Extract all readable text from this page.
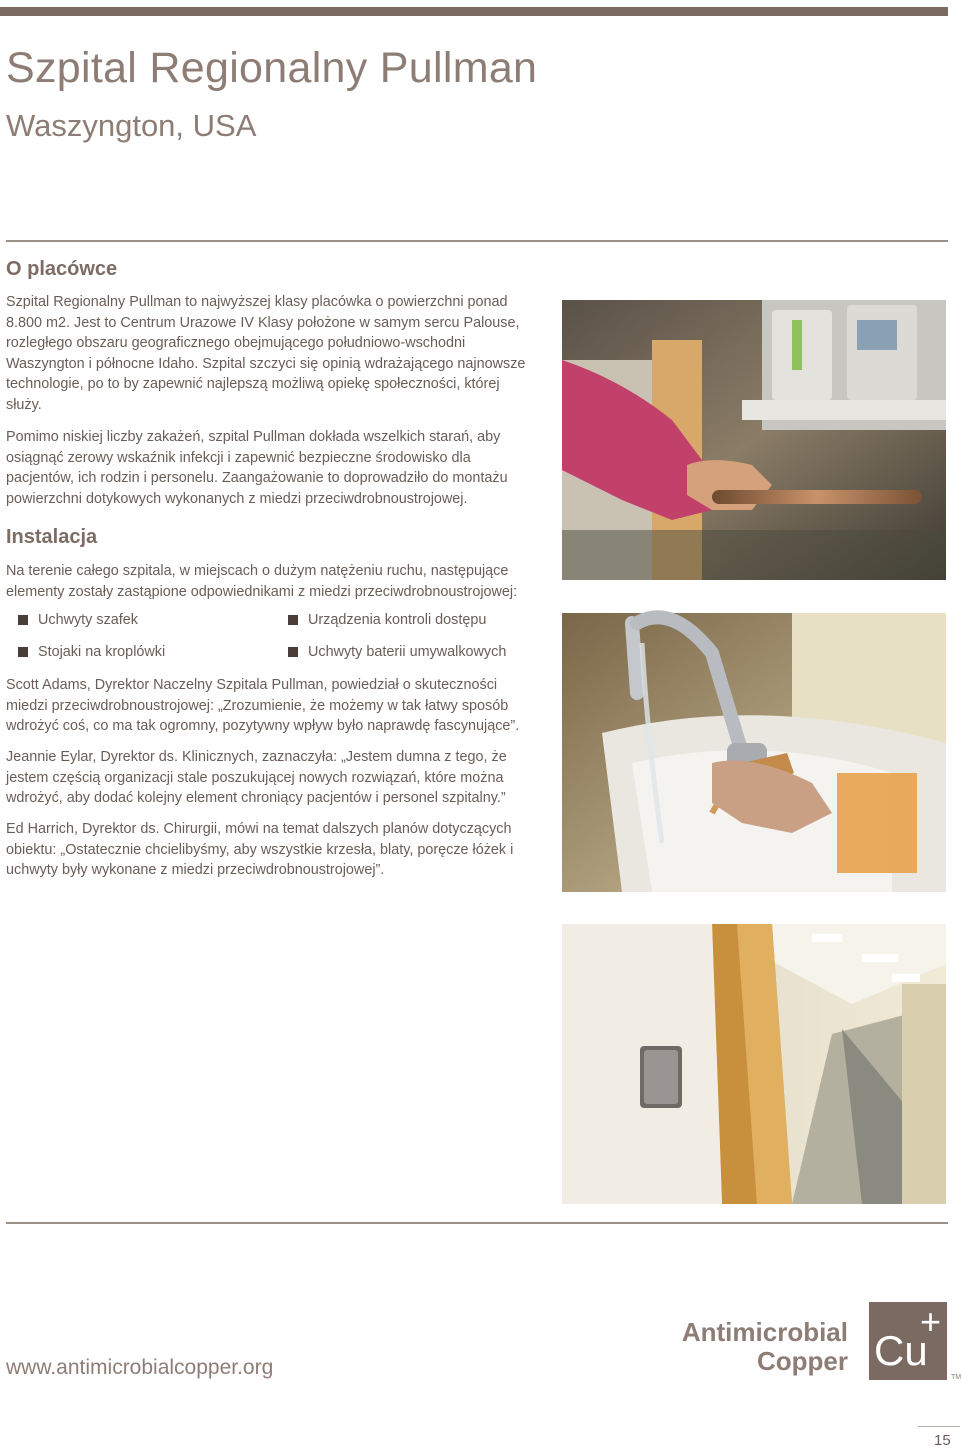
Szpital Regionalny Pullman
Waszyngton, USA
O placówce

Szpital Regionalny Pullman to najwyższej klasy placówka o powierzchni ponad 8.800 m2. Jest to Centrum Urazowe IV Klasy położone w samym sercu Palouse, rozległego obszaru geograficznego obejmującego południowo-wschodni Waszyngton i północne Idaho. Szpital szczyci się opinią wdrażającego najnowsze technologie, po to by zapewnić najlepszą możliwą opiekę społeczności, której służy.

Pomimo niskiej liczby zakażeń, szpital Pullman dokłada wszelkich starań, aby osiągnąć zerowy wskaźnik infekcji i zapewnić bezpieczne środowisko dla pacjentów, ich rodzin i personelu. Zaangażowanie to doprowadziło do montażu powierzchni dotykowych wykonanych z miedzi przeciwdrobnoustrojowej.

Instalacja

Na terenie całego szpitala, w miejscach o dużym natężeniu ruchu, następujące elementy zostały zastąpione odpowiednikami z miedzi przeciwdrobnoustrojowej:

Uchwyty szafek	Urządzenia kontroli dostępu
Stojaki na kroplówki	Uchwyty baterii umywalkowych

Scott Adams, Dyrektor Naczelny Szpitala Pullman, powiedział o skuteczności miedzi przeciwdrobnoustrojowej: „Zrozumienie, że możemy w tak łatwy sposób wdrożyć coś, co ma tak ogromny, pozytywny wpływ było naprawdę fascynujące”.

Jeannie Eylar, Dyrektor ds. Klinicznych, zaznaczyła: „Jestem dumna z tego, że jestem częścią organizacji stale poszukującej nowych rozwiązań, które można wdrożyć, aby dodać kolejny element chroniący pacjentów i personel szpitalny.”

Ed Harrich, Dyrektor ds. Chirurgii, mówi na temat dalszych planów dotyczących obiektu: „Ostatecznie chcielibyśmy, aby wszystkie krzesła, blaty, poręcze łóżek i uchwyty były wykonane z miedzi przeciwdrobnoustrojowej”.

www.antimicrobialcopper.org
Antimicrobial
Copper Cu
+
TM
15
